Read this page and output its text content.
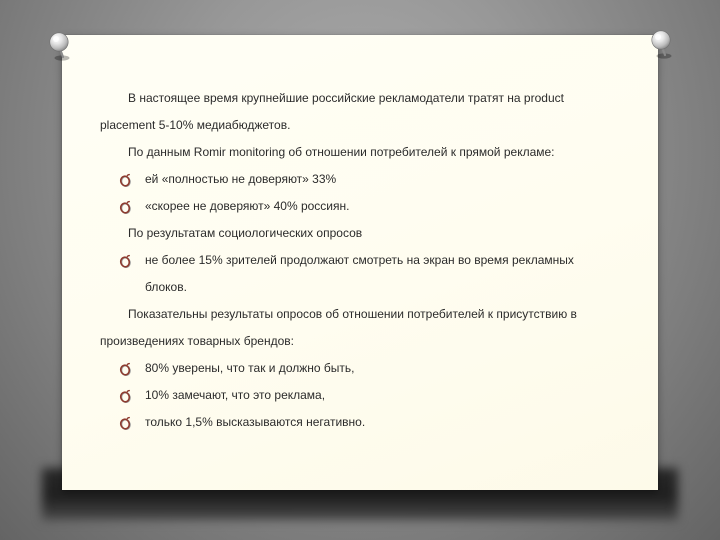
В настоящее время крупнейшие российские рекламодатели тратят на product placement 5-10% медиабюджетов.

По данным Romir monitoring об отношении потребителей к прямой рекламе:

ей «полностью не доверяют» 33%
«скорее не доверяют» 40% россиян.

По результатам социологических опросов

не более 15% зрителей продолжают смотреть на экран во время рекламных блоков.

Показательны результаты опросов об отношении потребителей к присутствию в произведениях товарных брендов:

80% уверены, что так и должно быть,
10% замечают, что это реклама,
только 1,5% высказываются негативно.
